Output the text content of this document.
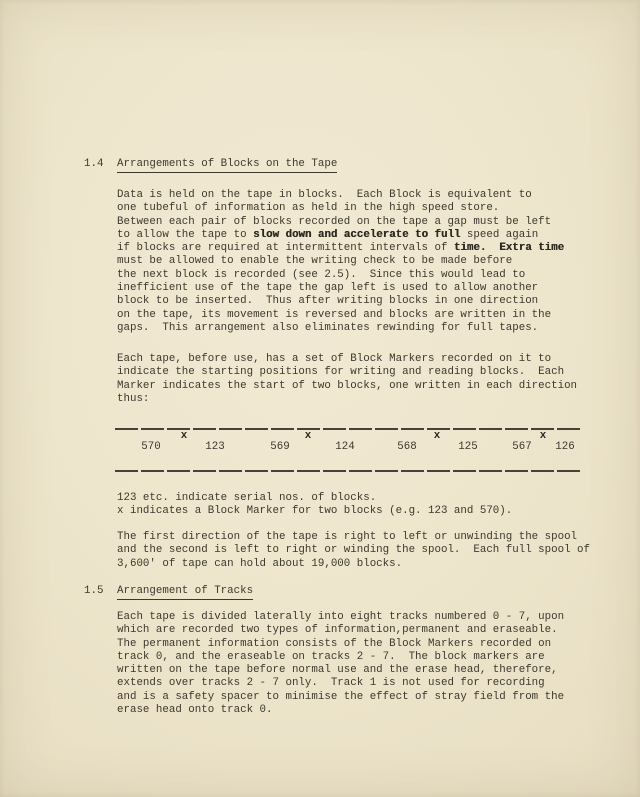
1.4	Arrangements of Blocks on the Tape
Data is held on the tape in blocks.  Each Block is equivalent to
one tubeful of information as held in the high speed store.
Between each pair of blocks recorded on the tape a gap must be left
to allow the tape to slow down and accelerate to full speed again
if blocks are required at intermittent intervals of time.  Extra time
must be allowed to enable the writing check to be made before
the next block is recorded (see 2.5).  Since this would lead to
inefficient use of the tape the gap left is used to allow another
block to be inserted.  Thus after writing blocks in one direction
on the tape, its movement is reversed and blocks are written in the
gaps.  This arrangement also eliminates rewinding for full tapes.
Each tape, before use, has a set of Block Markers recorded on it to
indicate the starting positions for writing and reading blocks.  Each
Marker indicates the start of two blocks, one written in each direction
thus:
x	x	x	x
570	123	569	124	568	125	567 126
123 etc. indicate serial nos. of blocks.
x indicates a Block Marker for two blocks (e.g. 123 and 570).
The first direction of the tape is right to left or unwinding the spool
and the second is left to right or winding the spool.  Each full spool of
3,600' of tape can hold about 19,000 blocks.
1.5	Arrangement of Tracks
Each tape is divided laterally into eight tracks numbered 0 - 7, upon
which are recorded two types of information,permanent and eraseable.
The permanent information consists of the Block Markers recorded on
track 0, and the eraseable on tracks 2 - 7.  The block markers are
written on the tape before normal use and the erase head, therefore,
extends over tracks 2 - 7 only.  Track 1 is not used for recording
and is a safety spacer to minimise the effect of stray field from the
erase head onto track 0.
